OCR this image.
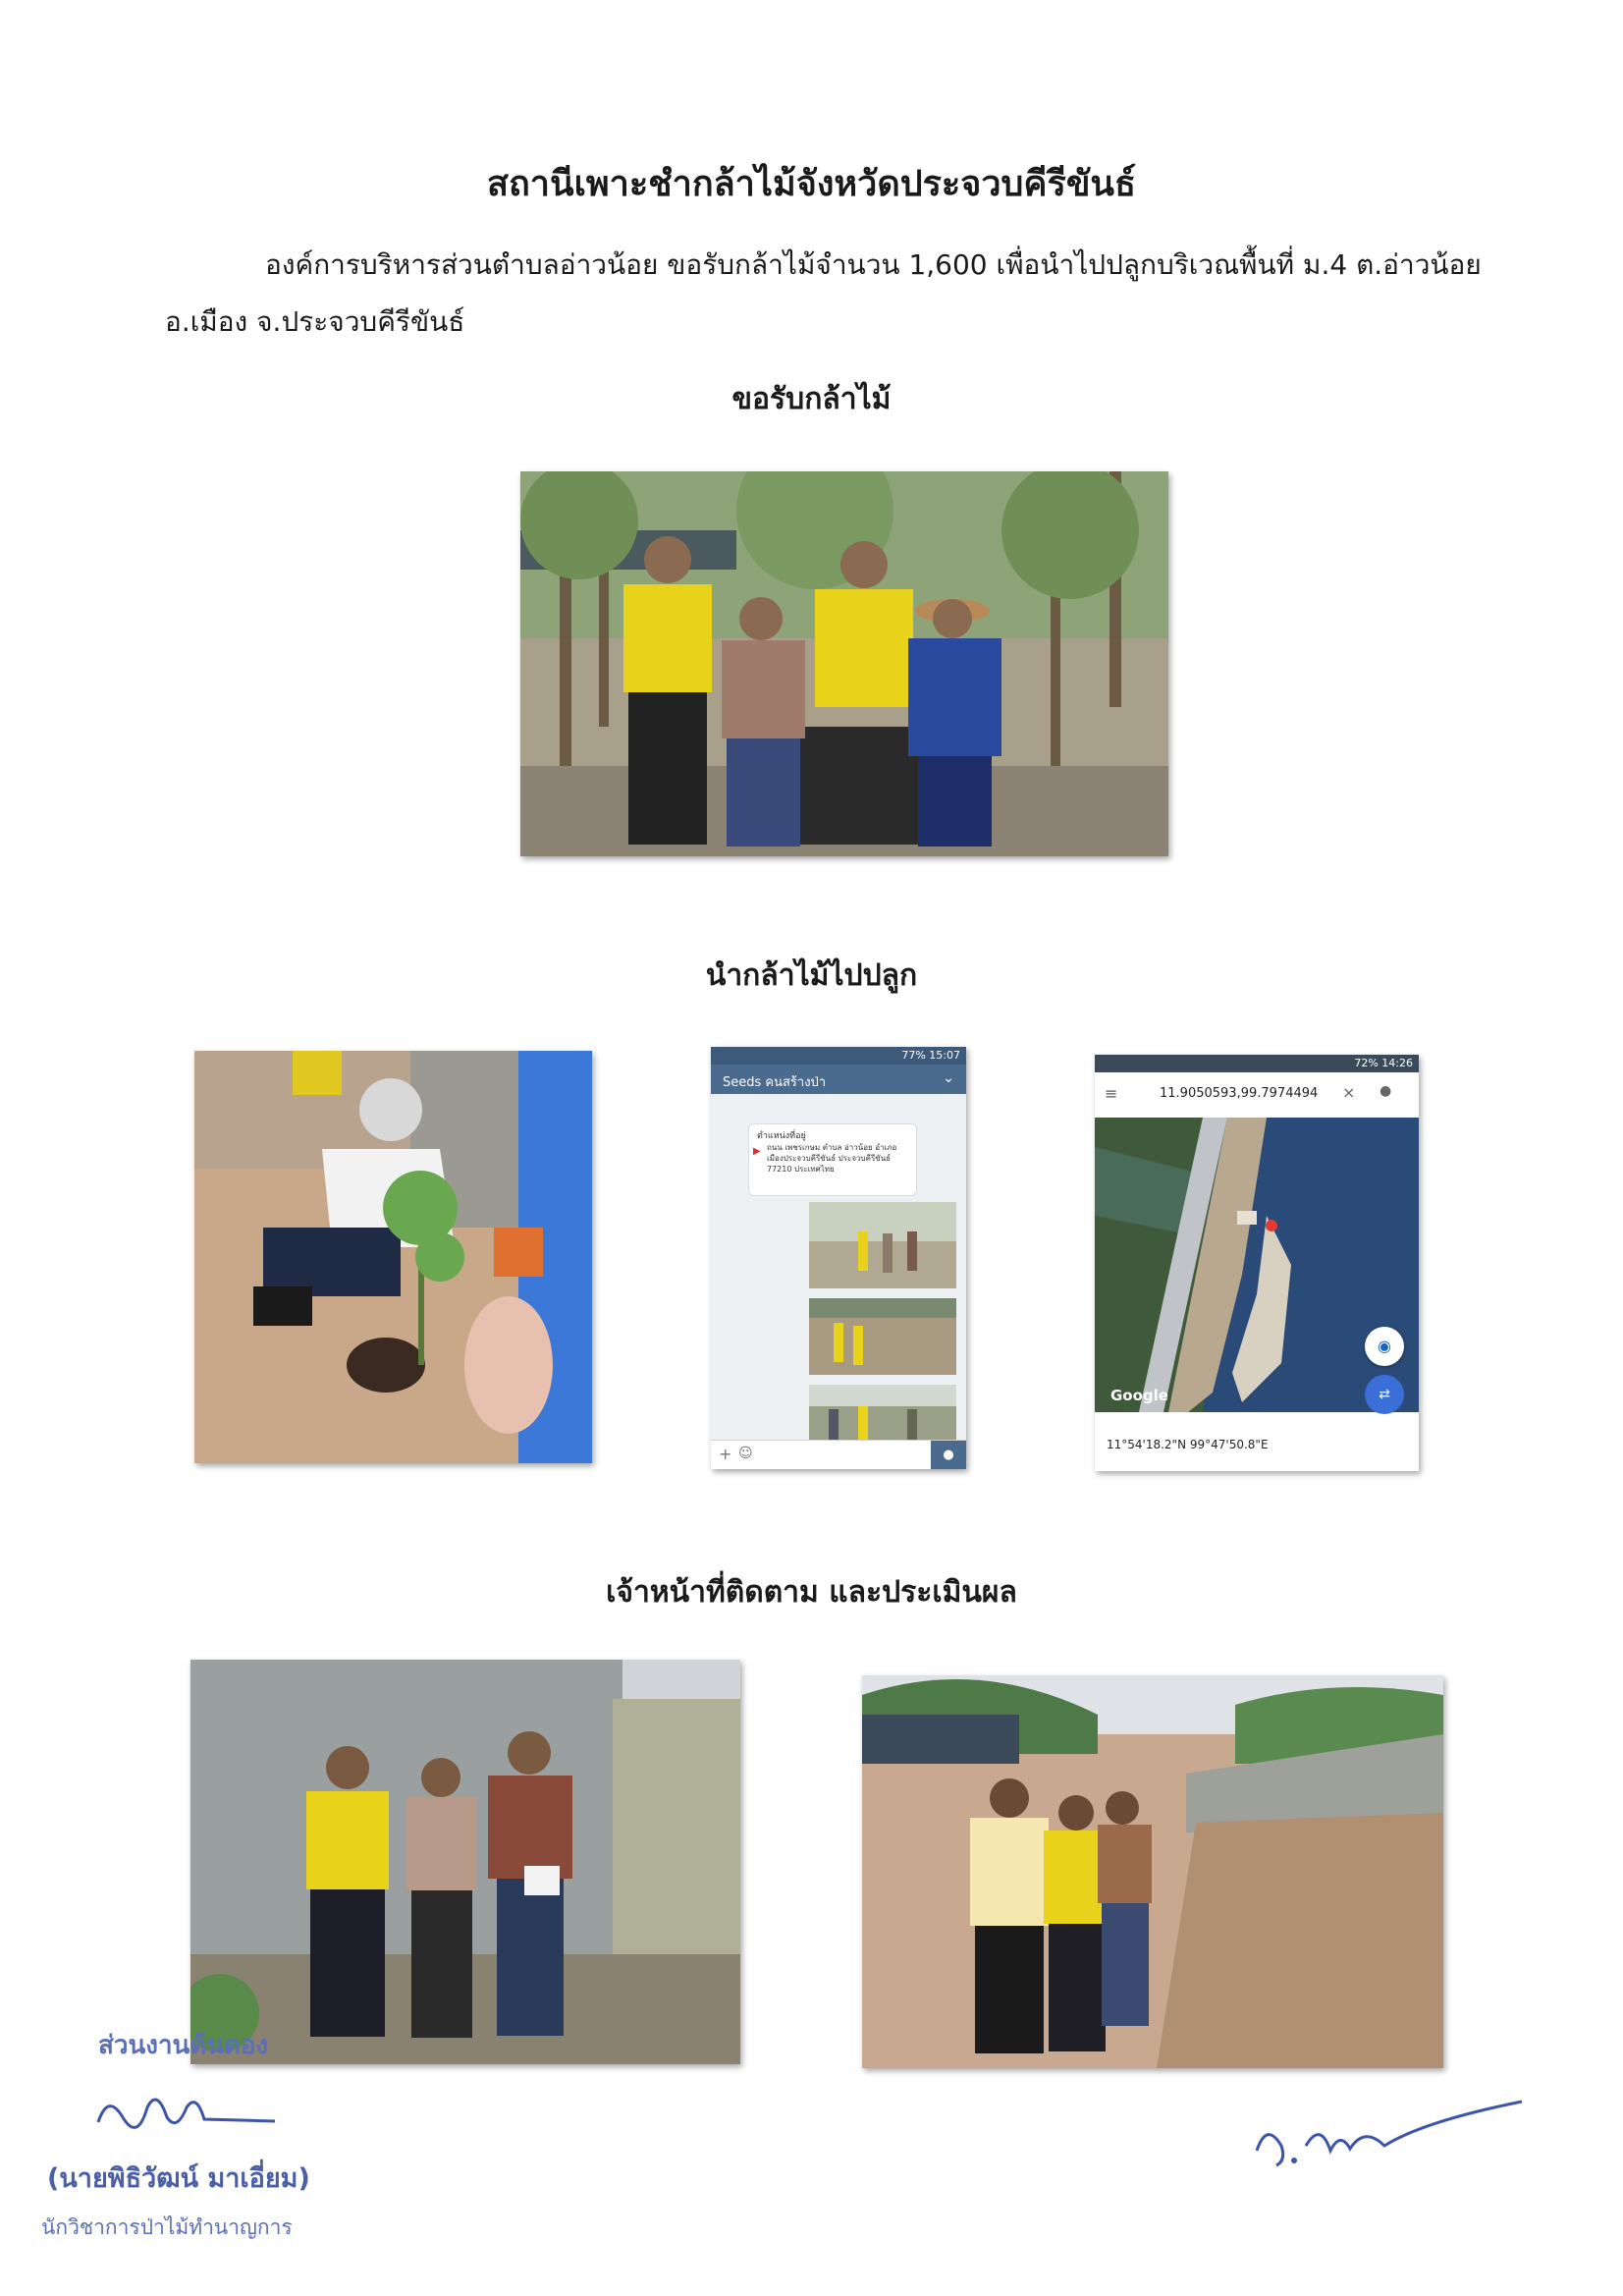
สถานีเพาะชำกล้าไม้จังหวัดประจวบคีรีขันธ์
องค์การบริหารส่วนตำบลอ่าวน้อย ขอรับกล้าไม้จำนวน 1,600 เพื่อนำไปปลูกบริเวณพื้นที่ ม.4 ต.อ่าวน้อย
อ.เมือง จ.ประจวบคีรีขันธ์
ขอรับกล้าไม้
นำกล้าไม้ไปปลูก
77% 15:07
Seeds คนสร้างป่า	⌄
ตำแหน่งที่อยู่
▶ ถนน เพชรเกษม ตำบล อ่าวน้อย อำเภอเมืองประจวบคีรีขันธ์ ประจวบคีรีขันธ์ 77210 ประเทศไทย
+ ☺	●
72% 14:26
≡	11.9050593,99.7974494 × ●
◉
⇄
Google
11°54'18.2"N 99°47'50.8"E
เจ้าหน้าที่ติดตาม และประเมินผล
ส่วนงานต้นตอง
(นายพิธิวัฒน์ มาเอี่ยม)
นักวิชาการป่าไม้ทำนาญการ
